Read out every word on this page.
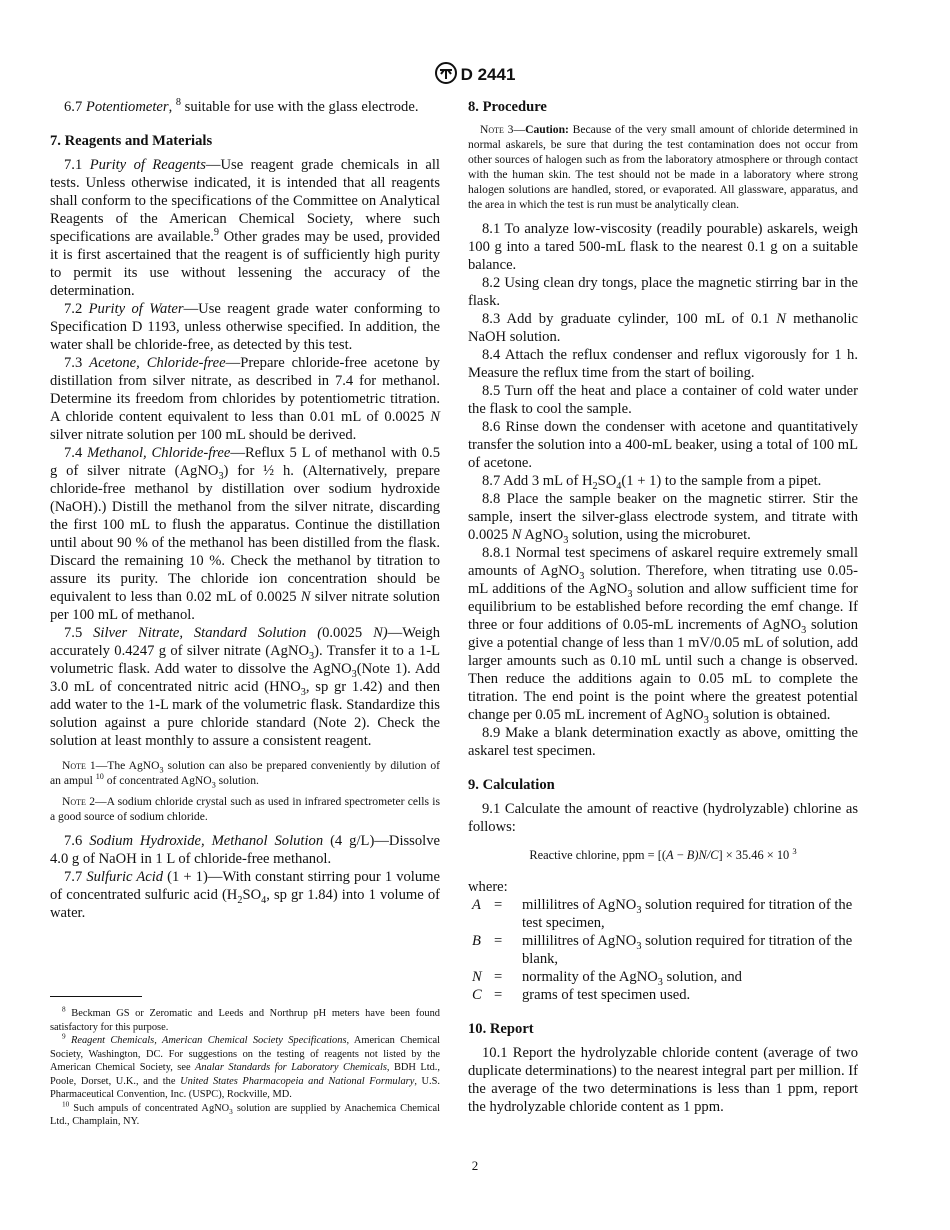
D 2441

6.7 Potentiometer, $^8$ suitable for use with the glass electrode.

7. Reagents and Materials

7.1 Purity of Reagents—Use reagent grade chemicals in all tests. Unless otherwise indicated, it is intended that all reagents shall conform to the specifications of the Committee on Analytical Reagents of the American Chemical Society, where such specifications are available.$^9$ Other grades may be used, provided it is first ascertained that the reagent is of sufficiently high purity to permit its use without lessening the accuracy of the determination.

7.2 Purity of Water—Use reagent grade water conforming to Specification D 1193, unless otherwise specified. In addition, the water shall be chloride-free, as detected by this test.

7.3 Acetone, Chloride-free—Prepare chloride-free acetone by distillation from silver nitrate, as described in 7.4 for methanol. Determine its freedom from chlorides by potentiometric titration. A chloride content equivalent to less than 0.01 mL of 0.0025 N silver nitrate solution per 100 mL should be derived.

7.4 Methanol, Chloride-free—Reflux 5 L of methanol with 0.5 g of silver nitrate (AgNO$_3$) for ½ h. (Alternatively, prepare chloride-free methanol by distillation over sodium hydroxide (NaOH).) Distill the methanol from the silver nitrate, discarding the first 100 mL to flush the apparatus. Continue the distillation until about 90 % of the methanol has been distilled from the flask. Discard the remaining 10 %. Check the methanol by titration to assure its purity. The chloride ion concentration should be equivalent to less than 0.02 mL of 0.0025 N silver nitrate solution per 100 mL of methanol.

7.5 Silver Nitrate, Standard Solution (0.0025 N)—Weigh accurately 0.4247 g of silver nitrate (AgNO$_3$). Transfer it to a 1-L volumetric flask. Add water to dissolve the AgNO$_3$(Note 1). Add 3.0 mL of concentrated nitric acid ($HNO_3$, sp gr 1.42) and then add water to the 1-L mark of the volumetric flask. Standardize this solution against a pure chloride standard (Note 2). Check the solution at least monthly to assure a consistent reagent.

Note 1—The AgNO$_3$ solution can also be prepared conveniently by dilution of an ampul $^{10}$ of concentrated AgNO$_3$ solution.
Note 2—A sodium chloride crystal such as used in infrared spectrometer cells is a good source of sodium chloride.

7.6 Sodium Hydroxide, Methanol Solution (4 g/L)—Dissolve 4.0 g of NaOH in 1 L of chloride-free methanol.

7.7 Sulfuric Acid (1 + 1)—With constant stirring pour 1 volume of concentrated sulfuric acid ($H_2SO_4$, sp gr 1.84) into 1 volume of water.

$^8$ Beckman GS or Zeromatic and Leeds and Northrup pH meters have been found satisfactory for this purpose.

$^9$ Reagent Chemicals, American Chemical Society Specifications, American Chemical Society, Washington, DC. For suggestions on the testing of reagents not listed by the American Chemical Society, see Analar Standards for Laboratory Chemicals, BDH Ltd., Poole, Dorset, U.K., and the United States Pharmacopeia and National Formulary, U.S. Pharmaceutical Convention, Inc. (USPC), Rockville, MD.

$^{10}$ Such ampuls of concentrated AgNO$_3$ solution are supplied by Anachemica Chemical Ltd., Champlain, NY.

8. Procedure
Note 3—Caution: Because of the very small amount of chloride determined in normal askarels, be sure that during the test contamination does not occur from other sources of halogen such as from the laboratory atmosphere or through contact with the human skin. The test should not be made in a laboratory where strong halogen solutions are handled, stored, or evaporated. All glassware, apparatus, and the area in which the test is run must be analytically clean.

8.1 To analyze low-viscosity (readily pourable) askarels, weigh 100 g into a tared 500-mL flask to the nearest 0.1 g on a suitable balance.

8.2 Using clean dry tongs, place the magnetic stirring bar in the flask.

8.3 Add by graduate cylinder, 100 mL of 0.1 N methanolic NaOH solution.

8.4 Attach the reflux condenser and reflux vigorously for 1 h. Measure the reflux time from the start of boiling.

8.5 Turn off the heat and place a container of cold water under the flask to cool the sample.

8.6 Rinse down the condenser with acetone and quantitatively transfer the solution into a 400-mL beaker, using a total of 100 mL of acetone.

8.7 Add 3 mL of $H_2SO_4(1 + 1)$ to the sample from a pipet.

8.8 Place the sample beaker on the magnetic stirrer. Stir the sample, insert the silver-glass electrode system, and titrate with 0.0025 N AgNO$_3$ solution, using the microburet.

8.8.1 Normal test specimens of askarel require extremely small amounts of AgNO$_3$ solution. Therefore, when titrating use 0.05-mL additions of the AgNO$_3$ solution and allow sufficient time for equilibrium to be established before recording the emf change. If three or four additions of 0.05-mL increments of AgNO$_3$ solution give a potential change of less than 1 mV/0.05 mL of solution, add larger amounts such as 0.10 mL until such a change is observed. Then reduce the additions again to 0.05 mL to complete the titration. The end point is the point where the greatest potential change per 0.05 mL increment of AgNO$_3$ solution is obtained.

8.9 Make a blank determination exactly as above, omitting the askarel test specimen.

9. Calculation

9.1 Calculate the amount of reactive (hydrolyzable) chlorine as follows:

Reactive chlorine, ppm = [(A − B)N/C] × 35.46 × 10 $^3$
where:
A	=	millilitres of AgNO$_3$ solution required for titration of the test specimen,
B	=	millilitres of AgNO$_3$ solution required for titration of the blank,
N	=	normality of the AgNO$_3$ solution, and
C	=	grams of test specimen used.
10. Report

10.1 Report the hydrolyzable chloride content (average of two duplicate determinations) to the nearest integral part per million. If the average of the two determinations is less than 1 ppm, report the hydrolyzable chloride content as 1 ppm.

2
